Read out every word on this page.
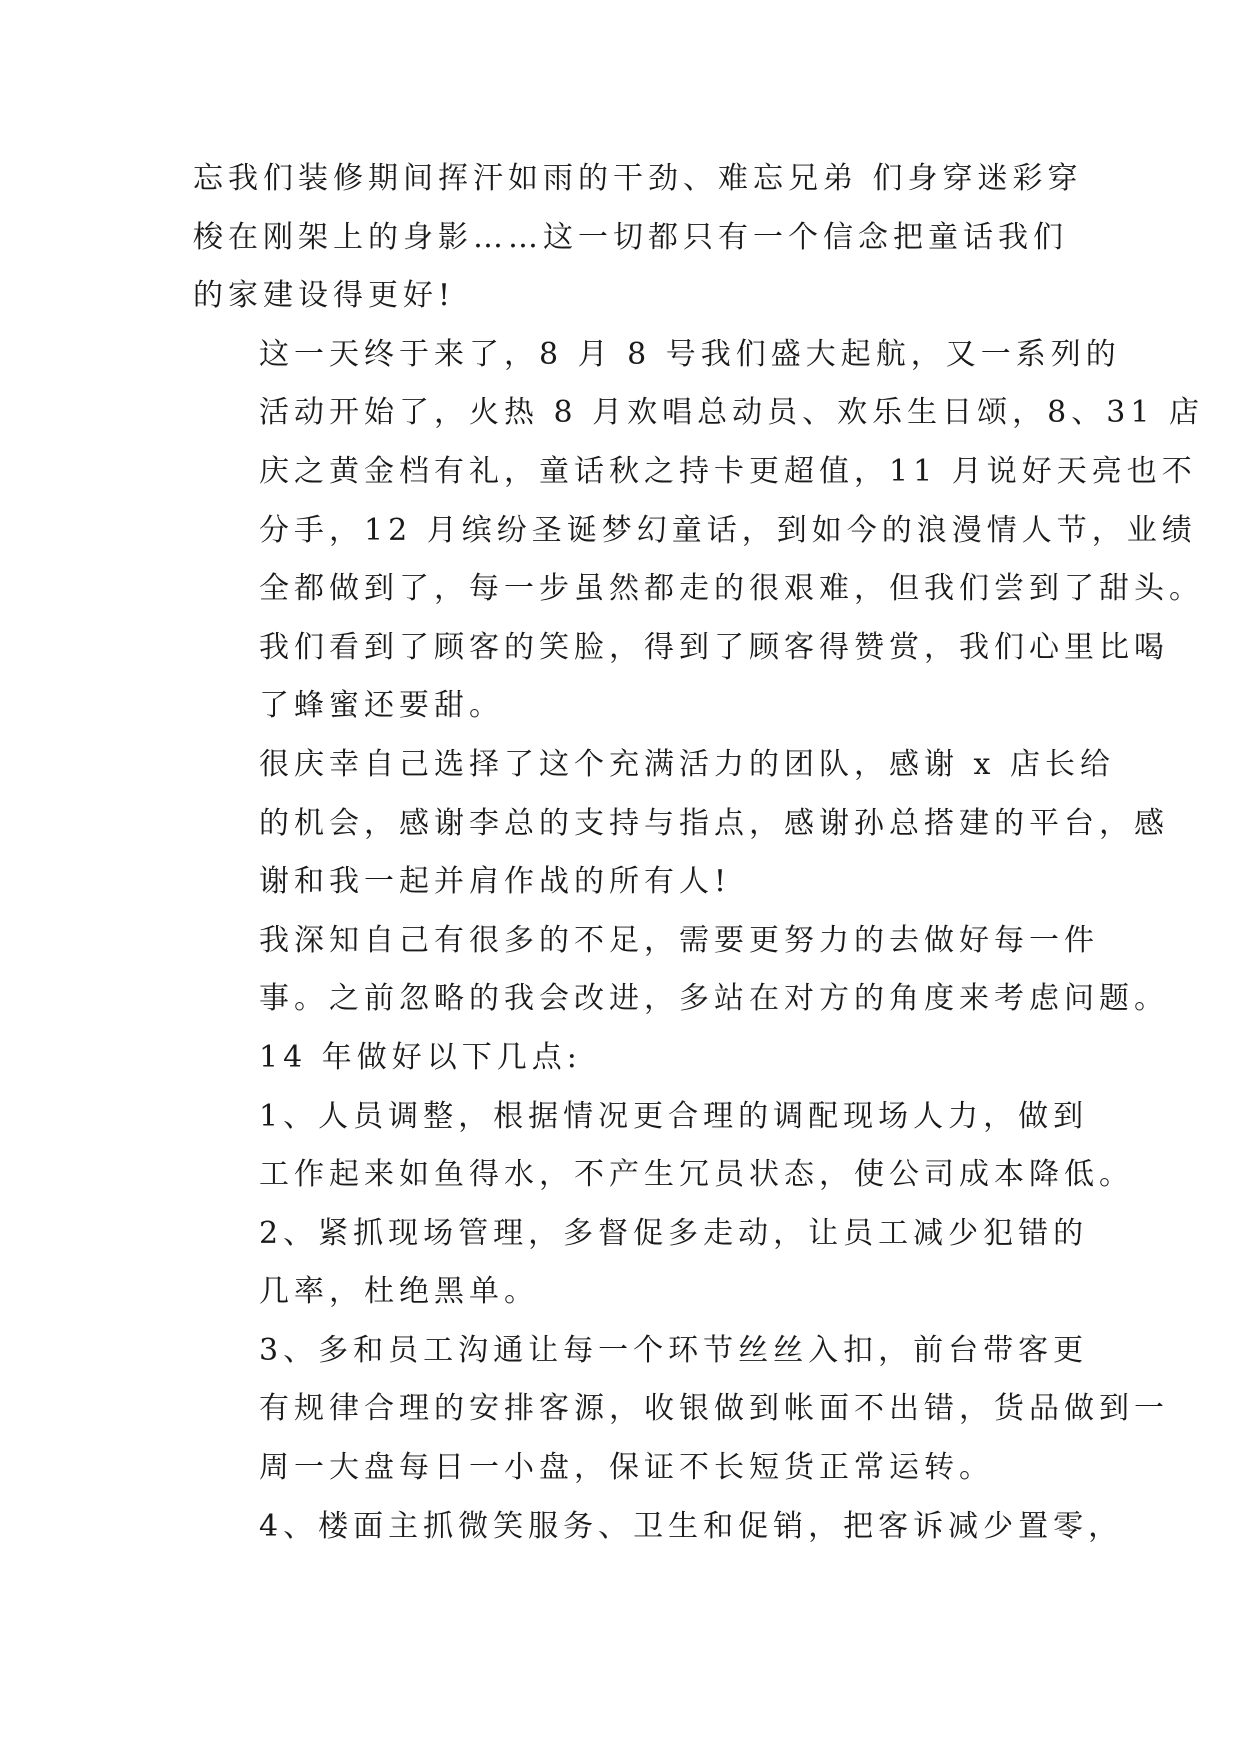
忘我们装修期间挥汗如雨的干劲、难忘兄弟 们身穿迷彩穿
梭在刚架上的身影……这一切都只有一个信念把童话我们
的家建设得更好!

这一天终于来了，8 月 8 号我们盛大起航，又一系列的
活动开始了，火热 8 月欢唱总动员、欢乐生日颂，8、31 店
庆之黄金档有礼，童话秋之持卡更超值，11 月说好天亮也不
分手，12 月缤纷圣诞梦幻童话，到如今的浪漫情人节，业绩
全都做到了，每一步虽然都走的很艰难，但我们尝到了甜头。
我们看到了顾客的笑脸，得到了顾客得赞赏，我们心里比喝
了蜂蜜还要甜。

很庆幸自己选择了这个充满活力的团队，感谢 x 店长给
的机会，感谢李总的支持与指点，感谢孙总搭建的平台，感
谢和我一起并肩作战的所有人!

我深知自己有很多的不足，需要更努力的去做好每一件
事。之前忽略的我会改进，多站在对方的角度来考虑问题。
14 年做好以下几点:

1、人员调整，根据情况更合理的调配现场人力，做到
工作起来如鱼得水，不产生冗员状态，使公司成本降低。

2、紧抓现场管理，多督促多走动，让员工减少犯错的
几率，杜绝黑单。

3、多和员工沟通让每一个环节丝丝入扣，前台带客更
有规律合理的安排客源，收银做到帐面不出错，货品做到一
周一大盘每日一小盘，保证不长短货正常运转。

4、楼面主抓微笑服务、卫生和促销，把客诉减少置零，
